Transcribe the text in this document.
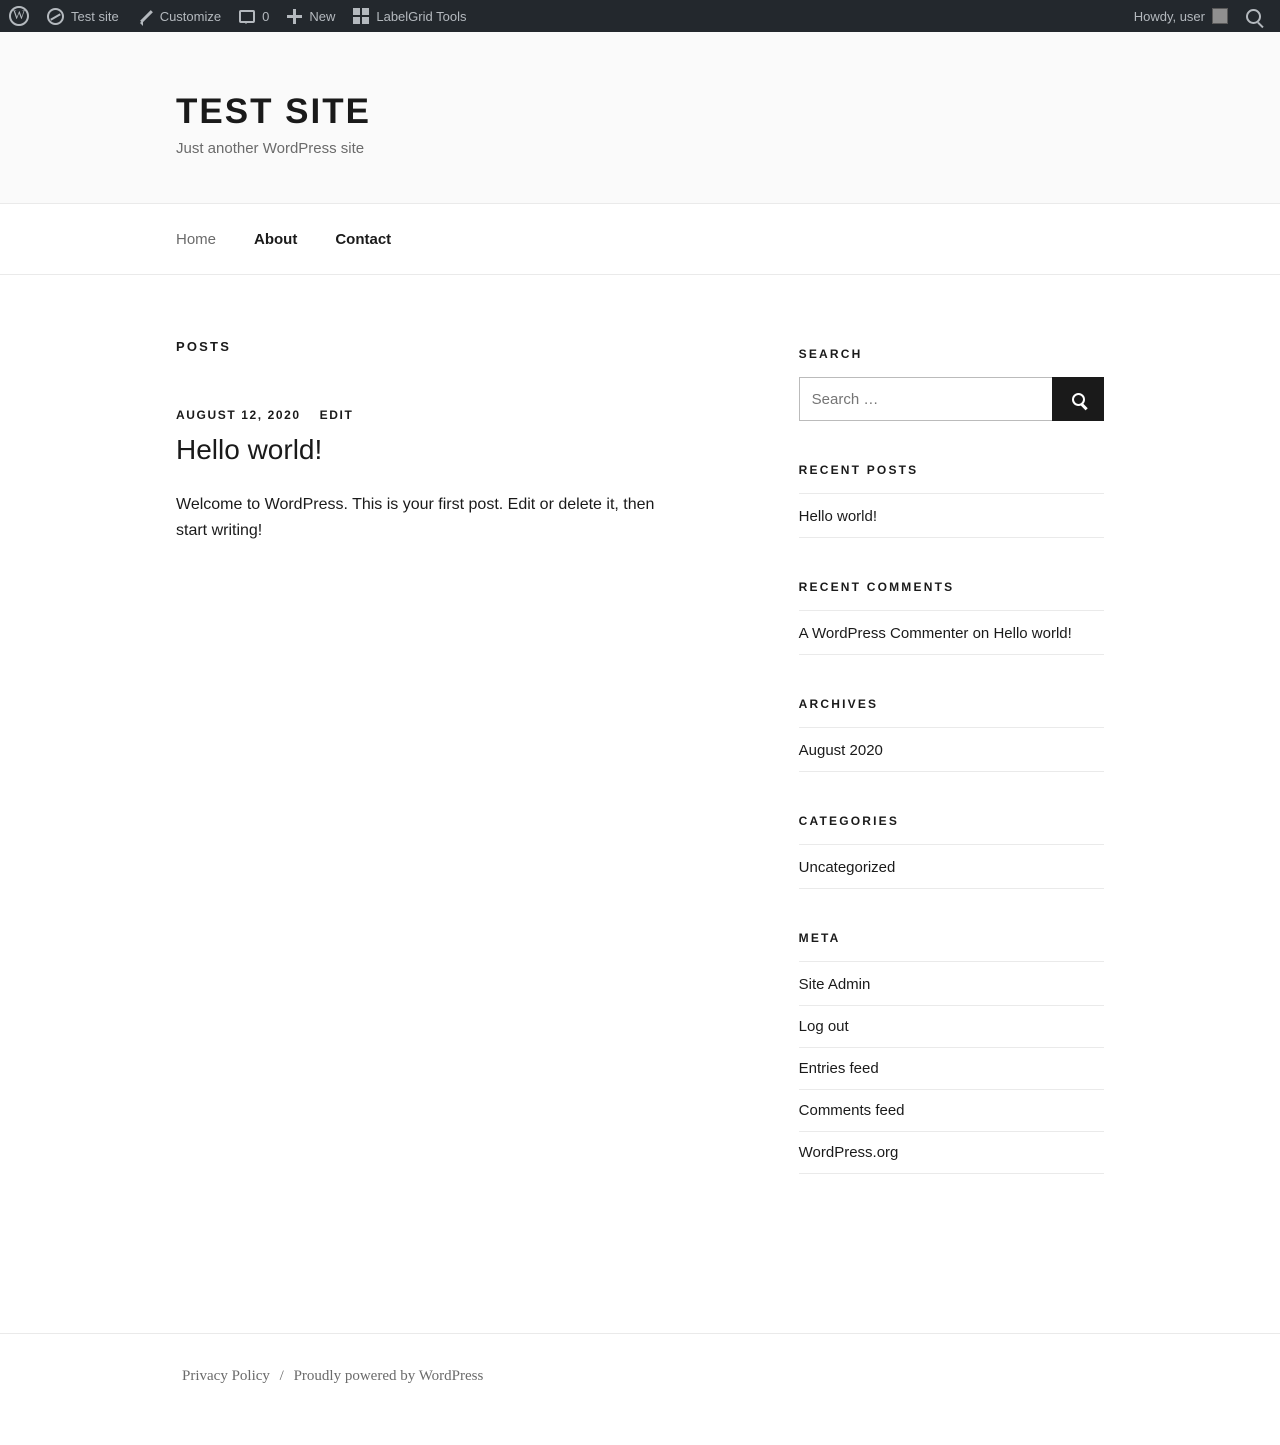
W
Test site	Customize	0	New	LabelGrid Tools	Howdy, user
TEST SITE

Just another WordPress site

Home	About	Contact
POSTS
AUGUST 12, 2020 EDIT
Hello world!

Welcome to WordPress. This is your first post. Edit or delete it, then start writing!

SEARCH
Search …
RECENT POSTS
Hello world!
RECENT COMMENTS
A WordPress Commenter on Hello world!
ARCHIVES
August 2020
CATEGORIES
Uncategorized
META
Site Admin
Log out
Entries feed
Comments feed
WordPress.org
Privacy Policy / Proudly powered by WordPress
